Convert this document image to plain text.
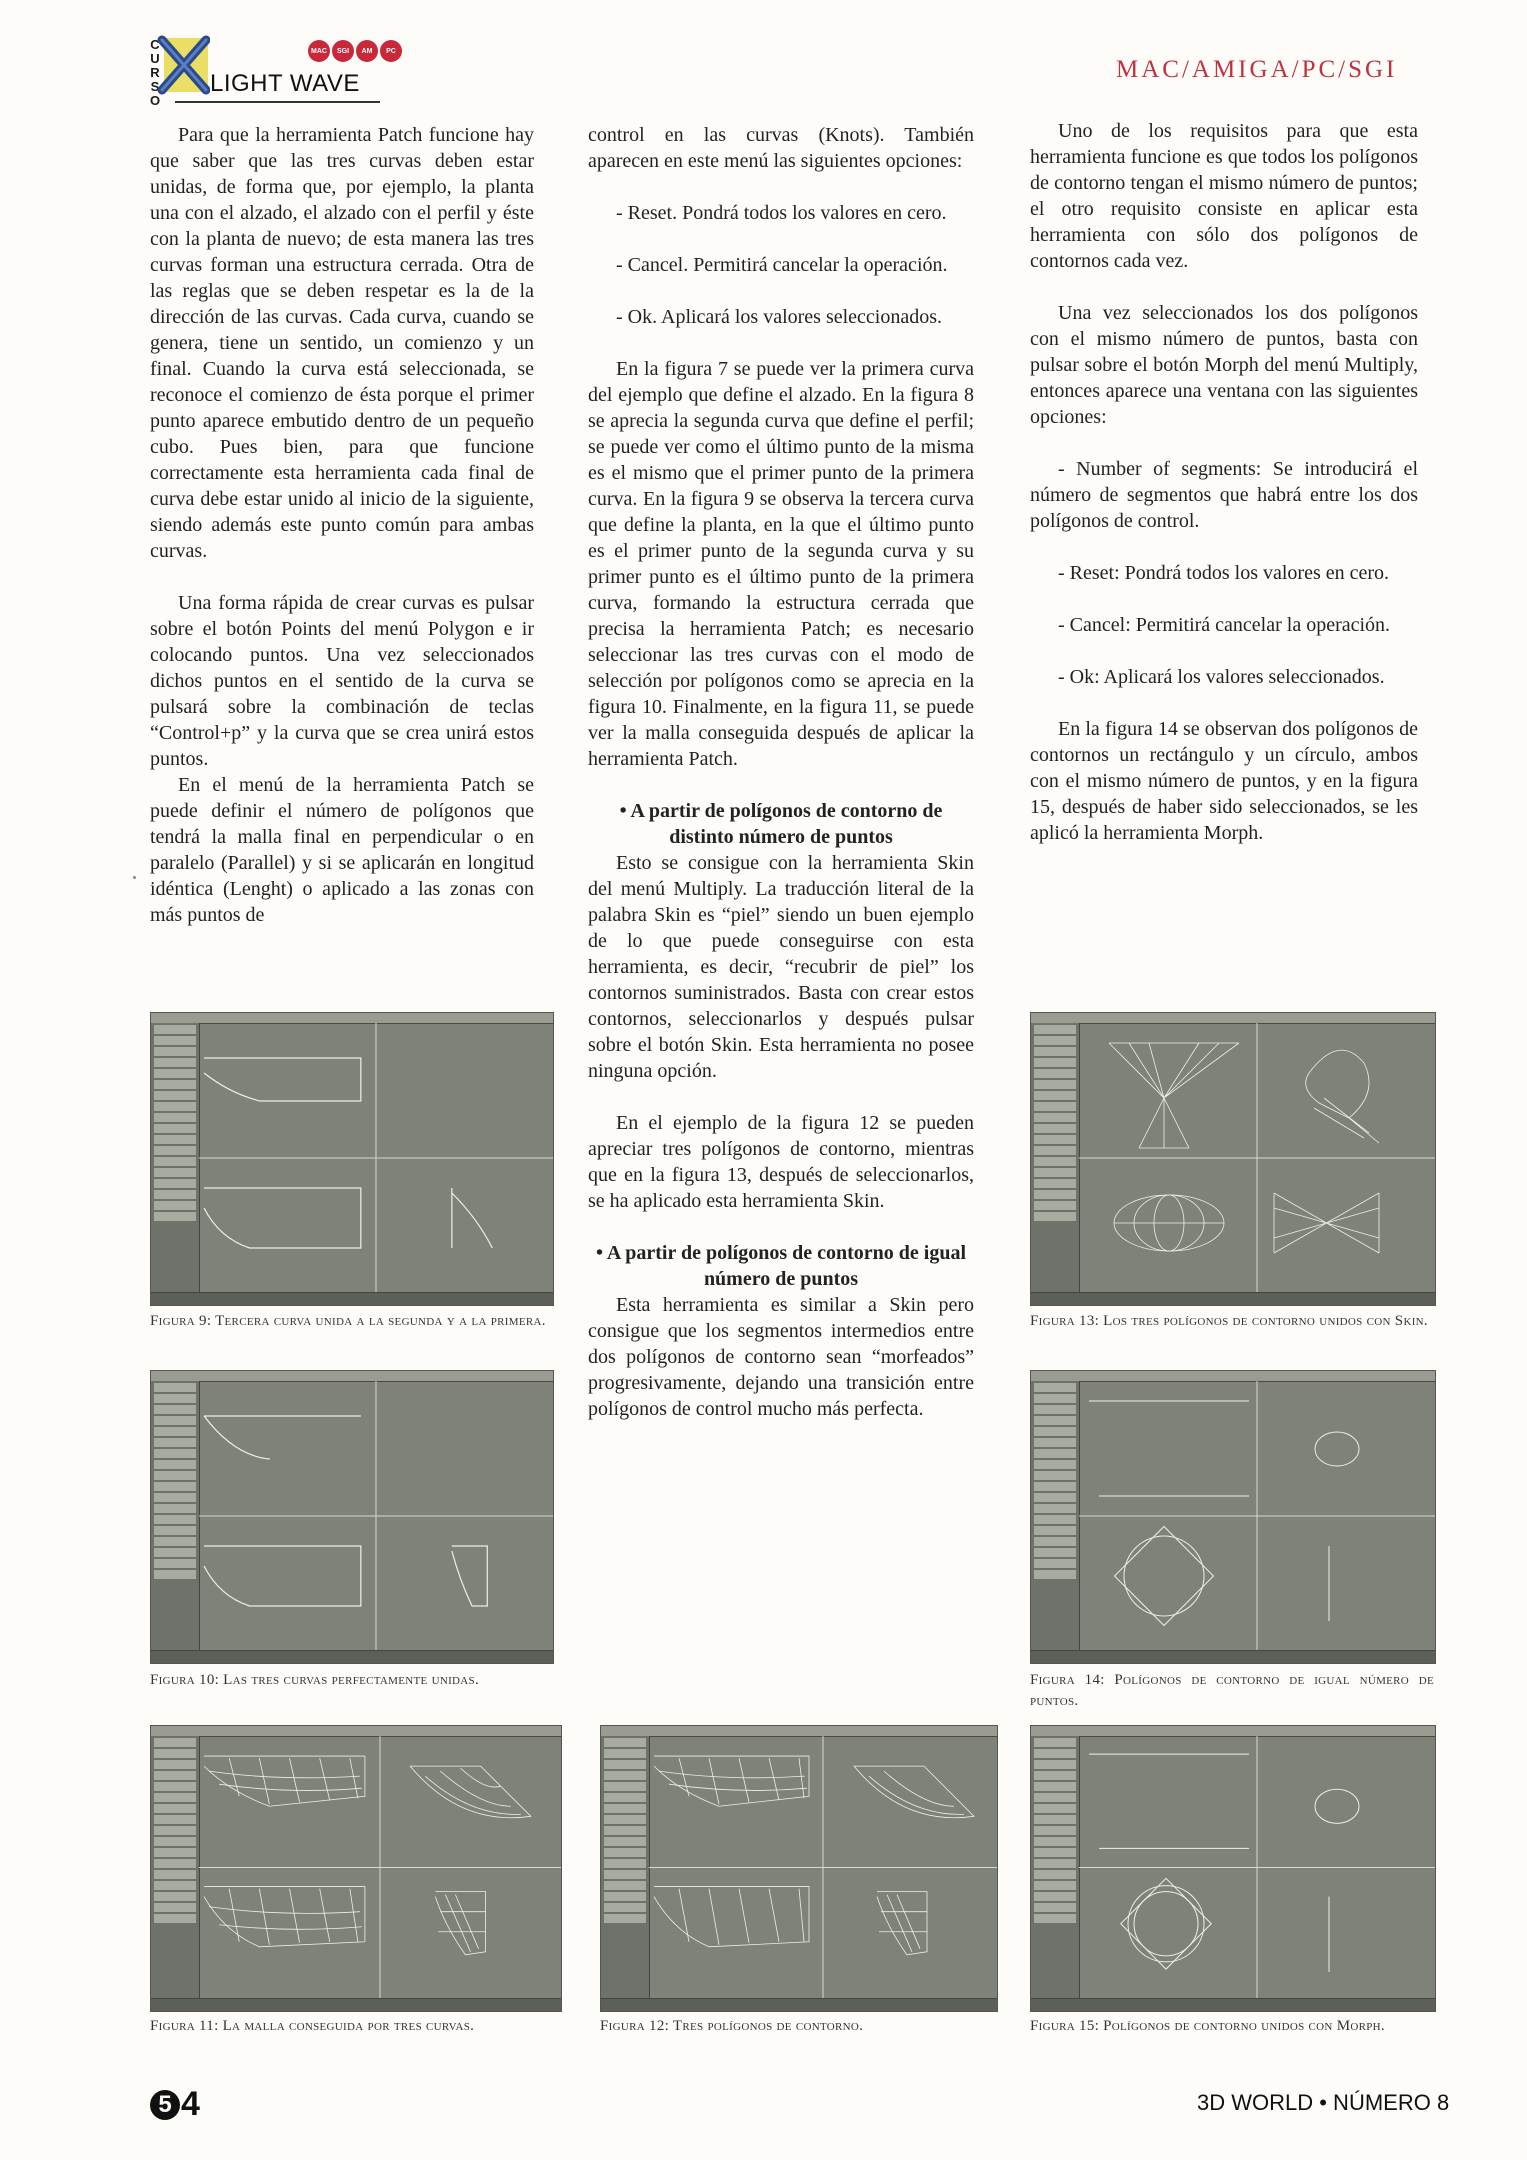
C
U
R
S
O
MAC	SGI	AM	PC
LIGHT WAVE
MAC/AMIGA/PC/SGI

Para que la herramienta Patch funcione hay que saber que las tres curvas deben estar unidas, de forma que, por ejemplo, la planta una con el alzado, el alzado con el perfil y éste con la planta de nuevo; de esta manera las tres curvas forman una estructura cerrada. Otra de las reglas que se deben respetar es la de la dirección de las curvas. Cada curva, cuando se genera, tiene un sentido, un comienzo y un final. Cuando la curva está seleccionada, se reconoce el comienzo de ésta porque el primer punto aparece embutido dentro de un pequeño cubo. Pues bien, para que funcione correctamente esta herramienta cada final de curva debe estar unido al inicio de la siguiente, siendo además este punto común para ambas curvas.

Una forma rápida de crear curvas es pulsar sobre el botón Points del menú Polygon e ir colocando puntos. Una vez seleccionados dichos puntos en el sentido de la curva se pulsará sobre la combinación de teclas “Control+p” y la curva que se crea unirá estos puntos.

En el menú de la herramienta Patch se puede definir el número de polígonos que tendrá la malla final en perpendicular o en paralelo (Parallel) y si se aplicarán en longitud idéntica (Lenght) o aplicado a las zonas con más puntos de

control en las curvas (Knots). También aparecen en este menú las siguientes opciones:

- Reset. Pondrá todos los valores en cero.

- Cancel. Permitirá cancelar la operación.

- Ok. Aplicará los valores seleccionados.

En la figura 7 se puede ver la primera curva del ejemplo que define el alzado. En la figura 8 se aprecia la segunda curva que define el perfil; se puede ver como el último punto de la misma es el mismo que el primer punto de la primera curva. En la figura 9 se observa la tercera curva que define la planta, en la que el último punto es el primer punto de la segunda curva y su primer punto es el último punto de la primera curva, formando la estructura cerrada que precisa la herramienta Patch; es necesario seleccionar las tres curvas con el modo de selección por polígonos como se aprecia en la figura 10. Finalmente, en la figura 11, se puede ver la malla conseguida después de aplicar la herramienta Patch.

• A partir de polígonos de contorno de distinto número de puntos

Esto se consigue con la herramienta Skin del menú Multiply. La traducción literal de la palabra Skin es “piel” siendo un buen ejemplo de lo que puede conseguirse con esta herramienta, es decir, “recubrir de piel” los contornos suministrados. Basta con crear estos contornos, seleccionarlos y después pulsar sobre el botón Skin. Esta herramienta no posee ninguna opción.

En el ejemplo de la figura 12 se pueden apreciar tres polígonos de contorno, mientras que en la figura 13, después de seleccionarlos, se ha aplicado esta herramienta Skin.

• A partir de polígonos de contorno de igual número de puntos

Esta herramienta es similar a Skin pero consigue que los segmentos intermedios entre dos polígonos de contorno sean “morfeados” progresivamente, dejando una transición entre polígonos de control mucho más perfecta.

Uno de los requisitos para que esta herramienta funcione es que todos los polígonos de contorno tengan el mismo número de puntos; el otro requisito consiste en aplicar esta herramienta con sólo dos polígonos de contornos cada vez.

Una vez seleccionados los dos polígonos con el mismo número de puntos, basta con pulsar sobre el botón Morph del menú Multiply, entonces aparece una ventana con las siguientes opciones:

- Number of segments: Se introducirá el número de segmentos que habrá entre los dos polígonos de control.

- Reset: Pondrá todos los valores en cero.

- Cancel: Permitirá cancelar la operación.

- Ok: Aplicará los valores seleccionados.

En la figura 14 se observan dos polígonos de contornos un rectángulo y un círculo, ambos con el mismo número de puntos, y en la figura 15, después de haber sido seleccionados, se les aplicó la herramienta Morph.

Figura 9: Tercera curva unida a la segunda y a la primera.
Figura 10: Las tres curvas perfectamente unidas.
Figura 11: La malla conseguida por tres curvas.	Figura 12: Tres polígonos de contorno.
Figura 13: Los tres polígonos de contorno unidos con Skin.
Figura 14: Polígonos de contorno de igual número de puntos.
Figura 15: Polígonos de contorno unidos con Morph.
5 4	3D WORLD • NÚMERO 8
